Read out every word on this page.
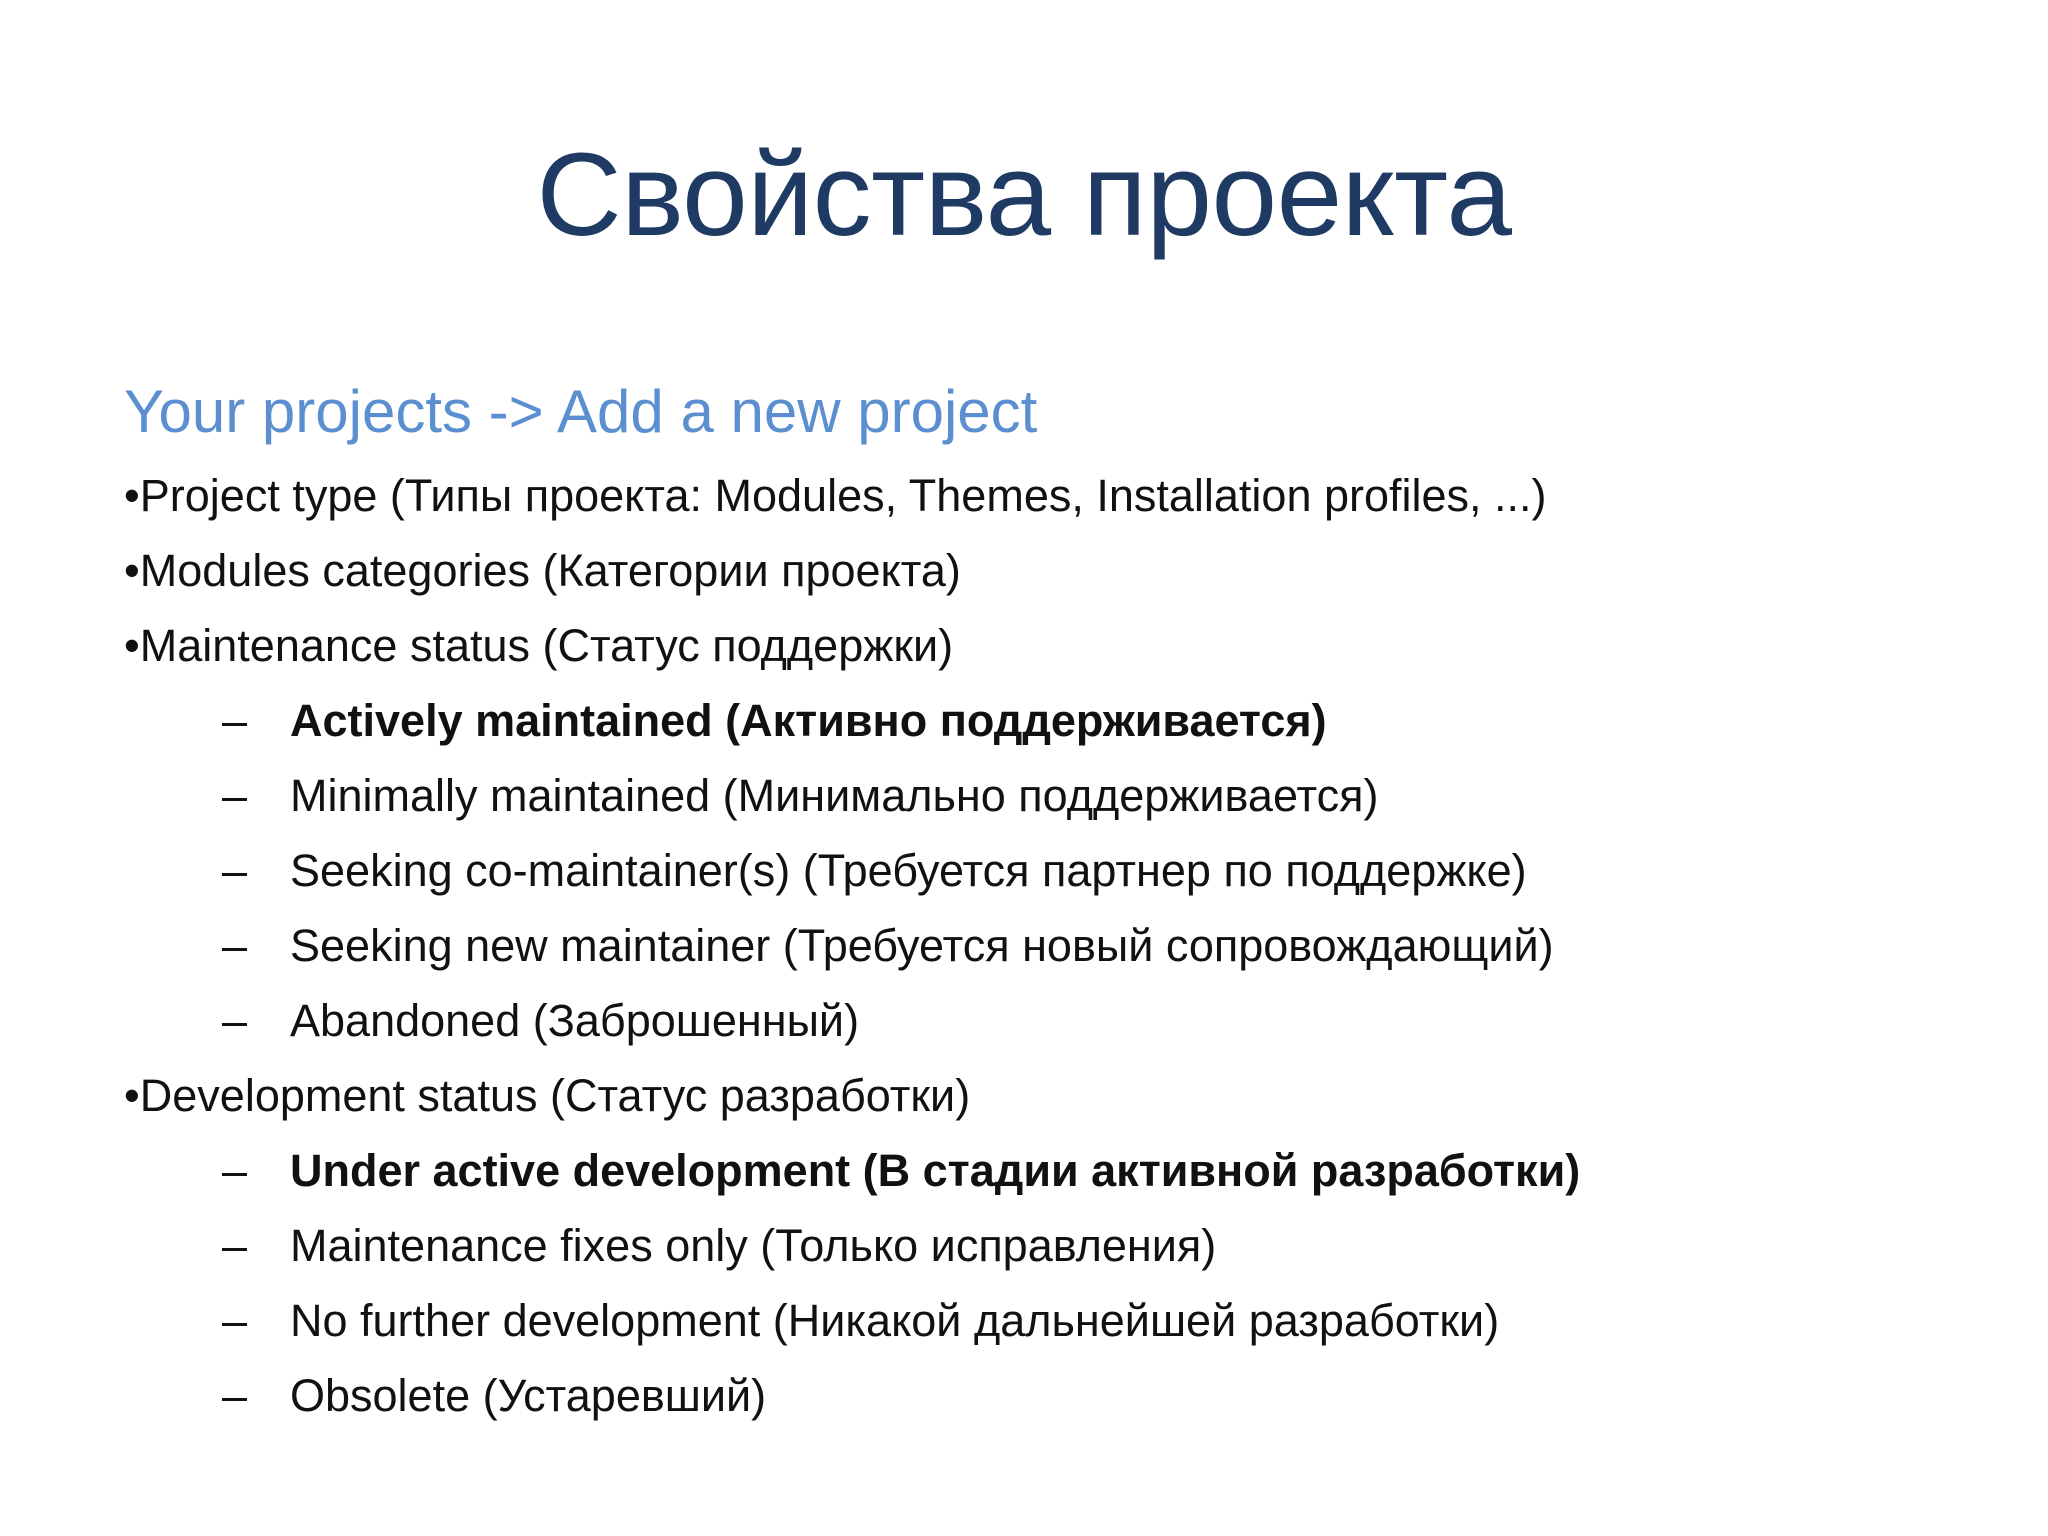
Свойства проекта
Your projects -> Add a new project
•Project type (Типы проекта: Modules, Themes, Installation profiles, ...)
•Modules categories (Категории проекта)
•Maintenance status (Статус поддержки)
– Actively maintained (Активно поддерживается)
– Minimally maintained (Минимально поддерживается)
– Seeking co-maintainer(s) (Требуется партнер по поддержке)
– Seeking new maintainer (Требуется новый сопровождающий)
– Abandoned (Заброшенный)
•Development status (Статус разработки)
– Under active development (В стадии активной разработки)
– Maintenance fixes only (Только исправления)
– No further development (Никакой дальнейшей разработки)
– Obsolete (Устаревший)
